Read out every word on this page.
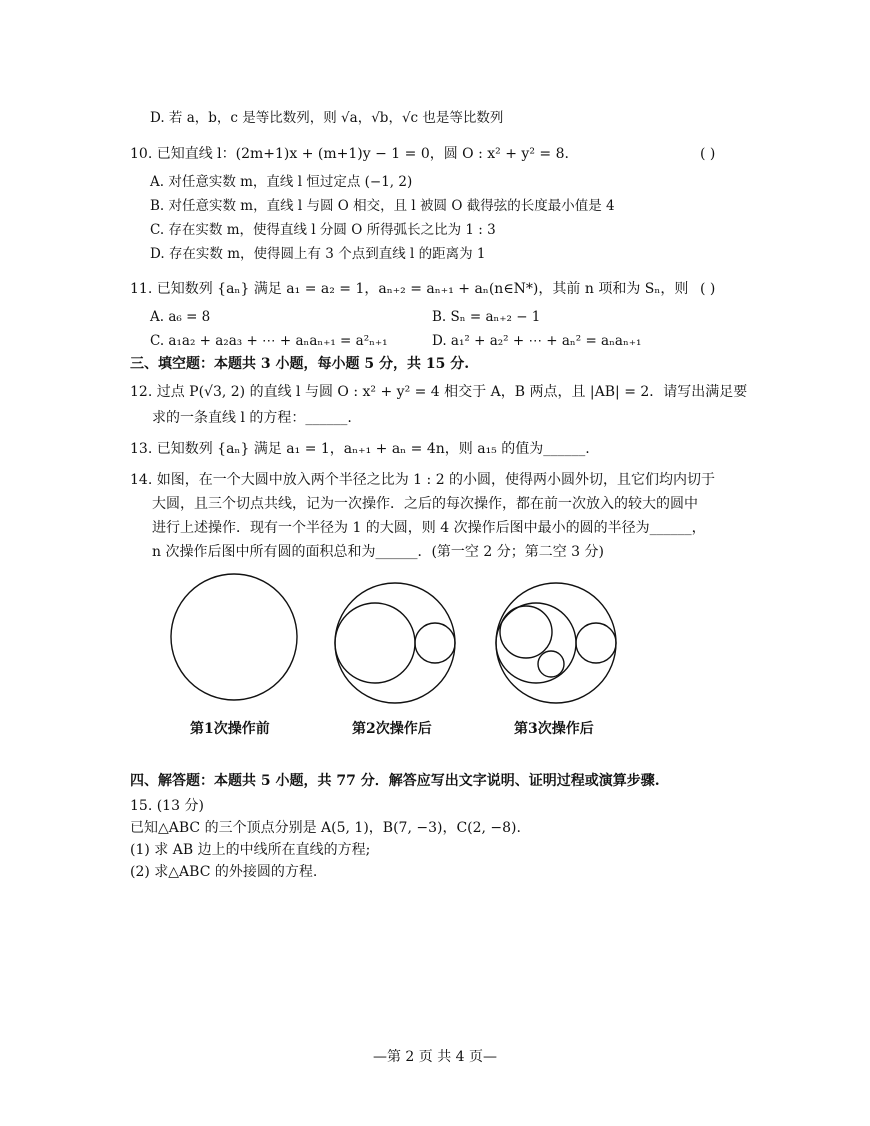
D. 若 a，b，c 是等比数列，则 √a，√b，√c 也是等比数列
10. 已知直线 l：(2m+1)x + (m+1)y − 1 = 0，圆 O : x² + y² = 8.	( )
A. 对任意实数 m，直线 l 恒过定点 (−1, 2)
B. 对任意实数 m，直线 l 与圆 O 相交，且 l 被圆 O 截得弦的长度最小值是 4
C. 存在实数 m，使得直线 l 分圆 O 所得弧长之比为 1 : 3
D. 存在实数 m，使得圆上有 3 个点到直线 l 的距离为 1
11. 已知数列 {aₙ} 满足 a₁ = a₂ = 1，aₙ₊₂ = aₙ₊₁ + aₙ(n∈N*)，其前 n 项和为 Sₙ，则 ( )
A. a₆ = 8	B. Sₙ = aₙ₊₂ − 1
C. a₁a₂ + a₂a₃ + ⋯ + aₙaₙ₊₁ = a²ₙ₊₁	D. a₁² + a₂² + ⋯ + aₙ² = aₙaₙ₊₁
三、填空题：本题共 3 小题，每小题 5 分，共 15 分.
12. 过点 P(√3, 2) 的直线 l 与圆 O : x² + y² = 4 相交于 A，B 两点，且 |AB| = 2．请写出满足要
求的一条直线 l 的方程：______.
13. 已知数列 {aₙ} 满足 a₁ = 1，aₙ₊₁ + aₙ = 4n，则 a₁₅ 的值为______.
14. 如图，在一个大圆中放入两个半径之比为 1 : 2 的小圆，使得两小圆外切，且它们均内切于
大圆，且三个切点共线，记为一次操作．之后的每次操作，都在前一次放入的较大的圆中
进行上述操作．现有一个半径为 1 的大圆，则 4 次操作后图中最小的圆的半径为______，
n 次操作后图中所有圆的面积总和为______．(第一空 2 分；第二空 3 分)
第1次操作前	第2次操作后	第3次操作后
四、解答题：本题共 5 小题，共 77 分．解答应写出文字说明、证明过程或演算步骤.
15. (13 分)
已知△ABC 的三个顶点分别是 A(5, 1)，B(7, −3)，C(2, −8).
(1) 求 AB 边上的中线所在直线的方程;
(2) 求△ABC 的外接圆的方程.
—第 2 页 共 4 页—
